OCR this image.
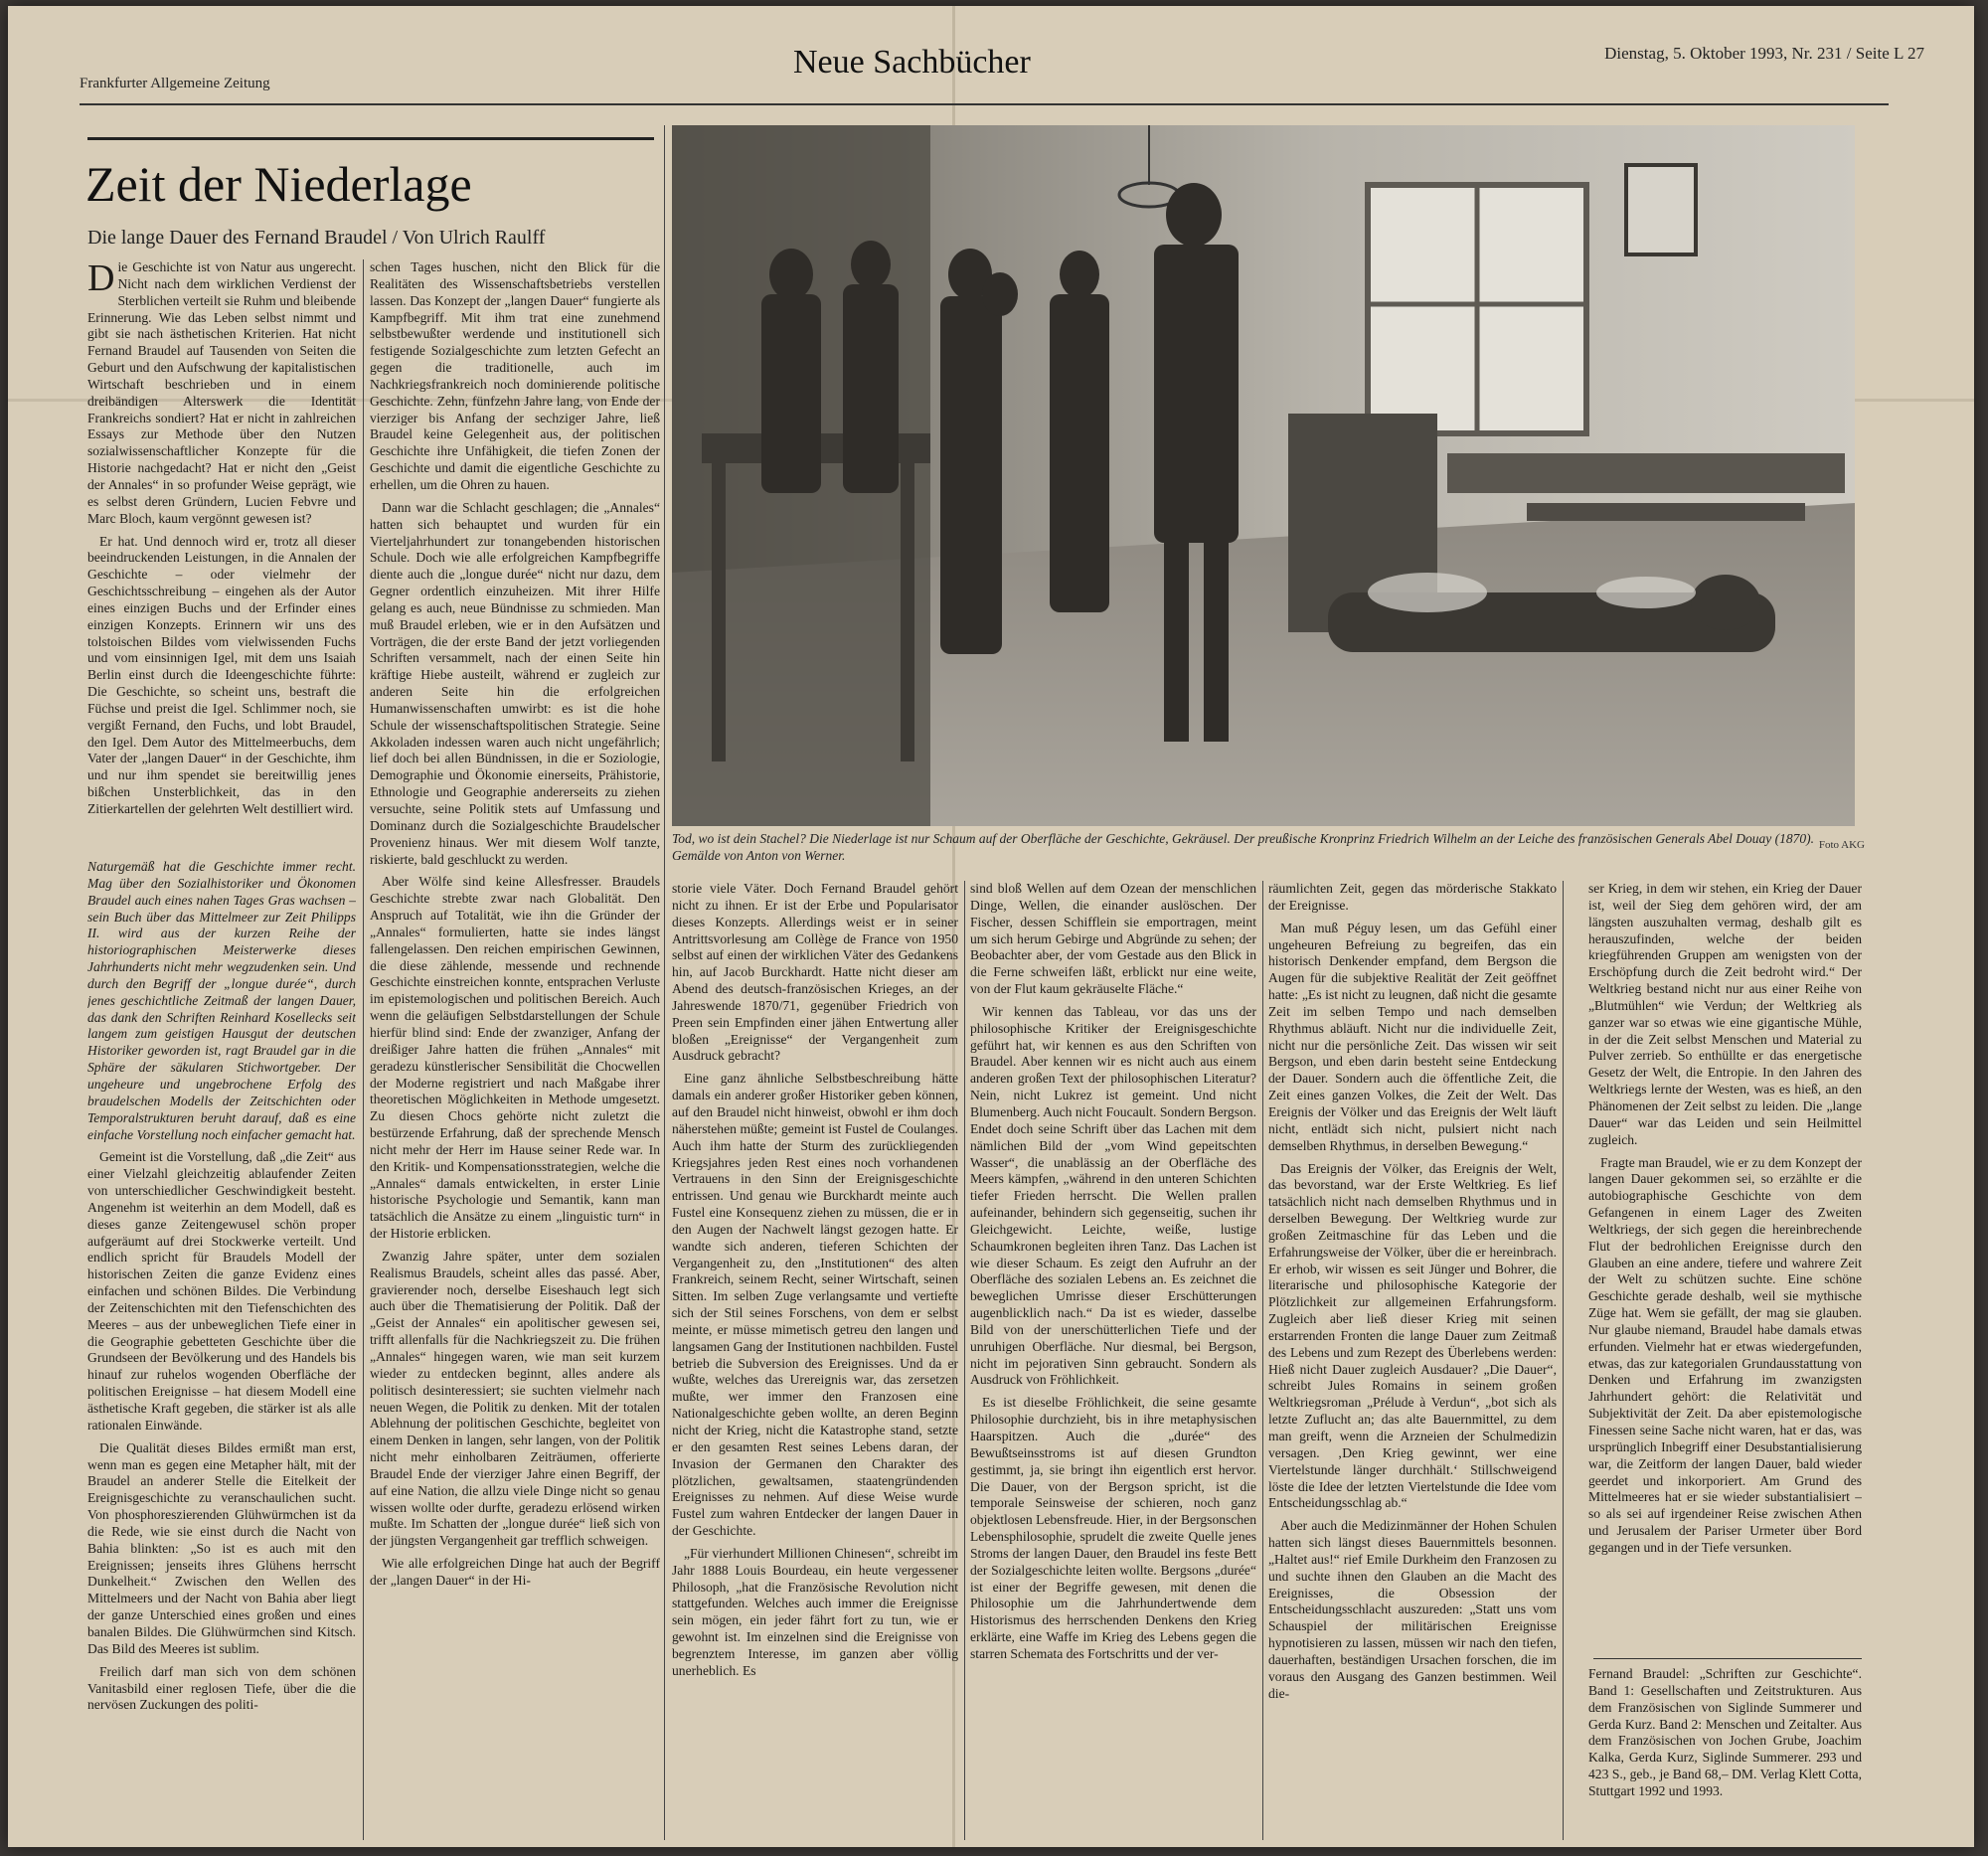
Frankfurter Allgemeine Zeitung
Neue Sachbücher	Dienstag, 5. Oktober 1993, Nr. 231 / Seite L 27
Zeit der Niederlage
Die lange Dauer des Fernand Braudel / Von Ulrich Raulff

Die Geschichte ist von Natur aus ungerecht. Nicht nach dem wirklichen Verdienst der Sterblichen verteilt sie Ruhm und bleibende Erinnerung. Wie das Leben selbst nimmt und gibt sie nach ästhetischen Kriterien. Hat nicht Fernand Braudel auf Tausenden von Seiten die Geburt und den Aufschwung der kapitalistischen Wirtschaft beschrieben und in einem dreibändigen Alterswerk die Identität Frankreichs sondiert? Hat er nicht in zahlreichen Essays zur Methode über den Nutzen sozialwissenschaftlicher Konzepte für die Historie nachgedacht? Hat er nicht den „Geist der Annales“ in so profunder Weise geprägt, wie es selbst deren Gründern, Lucien Febvre und Marc Bloch, kaum vergönnt gewesen ist?

Er hat. Und dennoch wird er, trotz all dieser beeindruckenden Leistungen, in die Annalen der Geschichte – oder vielmehr der Geschichtsschreibung – eingehen als der Autor eines einzigen Buchs und der Erfinder eines einzigen Konzepts. Erinnern wir uns des tolstoischen Bildes vom vielwissenden Fuchs und vom einsinnigen Igel, mit dem uns Isaiah Berlin einst durch die Ideengeschichte führte: Die Geschichte, so scheint uns, bestraft die Füchse und preist die Igel. Schlimmer noch, sie vergißt Fernand, den Fuchs, und lobt Braudel, den Igel. Dem Autor des Mittelmeerbuchs, dem Vater der „langen Dauer“ in der Geschichte, ihm und nur ihm spendet sie bereitwillig jenes bißchen Unsterblichkeit, das in den Zitierkartellen der gelehrten Welt destilliert wird.

schen Tages huschen, nicht den Blick für die Realitäten des Wissenschaftsbetriebs verstellen lassen. Das Konzept der „langen Dauer“ fungierte als Kampfbegriff. Mit ihm trat eine zunehmend selbstbewußter werdende und institutionell sich festigende Sozialgeschichte zum letzten Gefecht an gegen die traditionelle, auch im Nachkriegsfrankreich noch dominierende politische Geschichte. Zehn, fünfzehn Jahre lang, von Ende der vierziger bis Anfang der sechziger Jahre, ließ Braudel keine Gelegenheit aus, der politischen Geschichte ihre Unfähigkeit, die tiefen Zonen der Geschichte und damit die eigentliche Geschichte zu erhellen, um die Ohren zu hauen.

Dann war die Schlacht geschlagen; die „Annales“ hatten sich behauptet und wurden für ein Vierteljahrhundert zur tonangebenden historischen Schule. Doch wie alle erfolgreichen Kampfbegriffe diente auch die „longue durée“ nicht nur dazu, dem Gegner ordentlich einzuheizen. Mit ihrer Hilfe gelang es auch, neue Bündnisse zu schmieden. Man muß Braudel erleben, wie er in den Aufsätzen und Vorträgen, die der erste Band der jetzt vorliegenden Schriften versammelt, nach der einen Seite hin kräftige Hiebe austeilt, während er zugleich zur anderen Seite hin die erfolgreichen Humanwissenschaften umwirbt: es ist die hohe Schule der wissenschaftspolitischen Strategie. Seine Akkoladen indessen waren auch nicht ungefährlich; lief doch bei allen Bündnissen, in die er Soziologie, Demographie und Ökonomie einerseits, Prähistorie, Ethnologie und Geographie andererseits zu ziehen versuchte, seine Politik stets auf Umfassung und Dominanz durch die Sozialgeschichte Braudelscher Provenienz hinaus. Wer mit diesem Wolf tanzte, riskierte, bald geschluckt zu werden.

Aber Wölfe sind keine Allesfresser. Braudels Geschichte strebte zwar nach Globalität. Den Anspruch auf Totalität, wie ihn die Gründer der „Annales“ formulierten, hatte sie indes längst fallengelassen. Den reichen empirischen Gewinnen, die diese zählende, messende und rechnende Geschichte einstreichen konnte, entsprachen Verluste im epistemologischen und politischen Bereich. Auch wenn die geläufigen Selbstdarstellungen der Schule hierfür blind sind: Ende der zwanziger, Anfang der dreißiger Jahre hatten die frühen „Annales“ mit geradezu künstlerischer Sensibilität die Chocwellen der Moderne registriert und nach Maßgabe ihrer theoretischen Möglichkeiten in Methode umgesetzt. Zu diesen Chocs gehörte nicht zuletzt die bestürzende Erfahrung, daß der sprechende Mensch nicht mehr der Herr im Hause seiner Rede war. In den Kritik- und Kompensationsstrategien, welche die „Annales“ damals entwickelten, in erster Linie historische Psychologie und Semantik, kann man tatsächlich die Ansätze zu einem „linguistic turn“ in der Historie erblicken.

Zwanzig Jahre später, unter dem sozialen Realismus Braudels, scheint alles das passé. Aber, gravierender noch, derselbe Eiseshauch legt sich auch über die Thematisierung der Politik. Daß der „Geist der Annales“ ein apolitischer gewesen sei, trifft allenfalls für die Nachkriegszeit zu. Die frühen „Annales“ hingegen waren, wie man seit kurzem wieder zu entdecken beginnt, alles andere als politisch desinteressiert; sie suchten vielmehr nach neuen Wegen, die Politik zu denken. Mit der totalen Ablehnung der politischen Geschichte, begleitet von einem Denken in langen, sehr langen, von der Politik nicht mehr einholbaren Zeiträumen, offerierte Braudel Ende der vierziger Jahre einen Begriff, der auf eine Nation, die allzu viele Dinge nicht so genau wissen wollte oder durfte, geradezu erlösend wirken mußte. Im Schatten der „longue durée“ ließ sich von der jüngsten Vergangenheit gar trefflich schweigen.

Wie alle erfolgreichen Dinge hat auch der Begriff der „langen Dauer“ in der Hi-

Naturgemäß hat die Geschichte immer recht. Mag über den Sozialhistoriker und Ökonomen Braudel auch eines nahen Tages Gras wachsen – sein Buch über das Mittelmeer zur Zeit Philipps II. wird aus der kurzen Reihe der historiographischen Meisterwerke dieses Jahrhunderts nicht mehr wegzudenken sein. Und durch den Begriff der „longue durée“, durch jenes geschichtliche Zeitmaß der langen Dauer, das dank den Schriften Reinhard Kosellecks seit langem zum geistigen Hausgut der deutschen Historiker geworden ist, ragt Braudel gar in die Sphäre der säkularen Stichwortgeber. Der ungeheure und ungebrochene Erfolg des braudelschen Modells der Zeitschichten oder Temporalstrukturen beruht darauf, daß es eine einfache Vorstellung noch einfacher gemacht hat.

Gemeint ist die Vorstellung, daß „die Zeit“ aus einer Vielzahl gleichzeitig ablaufender Zeiten von unterschiedlicher Geschwindigkeit besteht. Angenehm ist weiterhin an dem Modell, daß es dieses ganze Zeitengewusel schön proper aufgeräumt auf drei Stockwerke verteilt. Und endlich spricht für Braudels Modell der historischen Zeiten die ganze Evidenz eines einfachen und schönen Bildes. Die Verbindung der Zeitenschichten mit den Tiefenschichten des Meeres – aus der unbeweglichen Tiefe einer in die Geographie gebetteten Geschichte über die Grundseen der Bevölkerung und des Handels bis hinauf zur ruhelos wogenden Oberfläche der politischen Ereignisse – hat diesem Modell eine ästhetische Kraft gegeben, die stärker ist als alle rationalen Einwände.

Die Qualität dieses Bildes ermißt man erst, wenn man es gegen eine Metapher hält, mit der Braudel an anderer Stelle die Eitelkeit der Ereignisgeschichte zu veranschaulichen sucht. Von phosphoreszierenden Glühwürmchen ist da die Rede, wie sie einst durch die Nacht von Bahia blinkten: „So ist es auch mit den Ereignissen; jenseits ihres Glühens herrscht Dunkelheit.“ Zwischen den Wellen des Mittelmeers und der Nacht von Bahia aber liegt der ganze Unterschied eines großen und eines banalen Bildes. Die Glühwürmchen sind Kitsch. Das Bild des Meeres ist sublim.

Freilich darf man sich von dem schönen Vanitasbild einer reglosen Tiefe, über die die nervösen Zuckungen des politi-

Tod, wo ist dein Stachel? Die Niederlage ist nur Schaum auf der Oberfläche der Geschichte, Gekräusel. Der preußische Kronprinz Friedrich Wilhelm an der Leiche des französischen Generals Abel Douay (1870). Gemälde von Anton von Werner.
Foto AKG

storie viele Väter. Doch Fernand Braudel gehört nicht zu ihnen. Er ist der Erbe und Popularisator dieses Konzepts. Allerdings weist er in seiner Antrittsvorlesung am Collège de France von 1950 selbst auf einen der wirklichen Väter des Gedankens hin, auf Jacob Burckhardt. Hatte nicht dieser am Abend des deutsch-französischen Krieges, an der Jahreswende 1870/71, gegenüber Friedrich von Preen sein Empfinden einer jähen Entwertung aller bloßen „Ereignisse“ der Vergangenheit zum Ausdruck gebracht?

Eine ganz ähnliche Selbstbeschreibung hätte damals ein anderer großer Historiker geben können, auf den Braudel nicht hinweist, obwohl er ihm doch näherstehen müßte; gemeint ist Fustel de Coulanges. Auch ihm hatte der Sturm des zurückliegenden Kriegsjahres jeden Rest eines noch vorhandenen Vertrauens in den Sinn der Ereignisgeschichte entrissen. Und genau wie Burckhardt meinte auch Fustel eine Konsequenz ziehen zu müssen, die er in den Augen der Nachwelt längst gezogen hatte. Er wandte sich anderen, tieferen Schichten der Vergangenheit zu, den „Institutionen“ des alten Frankreich, seinem Recht, seiner Wirtschaft, seinen Sitten. Im selben Zuge verlangsamte und vertiefte sich der Stil seines Forschens, von dem er selbst meinte, er müsse mimetisch getreu den langen und langsamen Gang der Institutionen nachbilden. Fustel betrieb die Subversion des Ereignisses. Und da er wußte, welches das Urereignis war, das zersetzen mußte, wer immer den Franzosen eine Nationalgeschichte geben wollte, an deren Beginn nicht der Krieg, nicht die Katastrophe stand, setzte er den gesamten Rest seines Lebens daran, der Invasion der Germanen den Charakter des plötzlichen, gewaltsamen, staatengründenden Ereignisses zu nehmen. Auf diese Weise wurde Fustel zum wahren Entdecker der langen Dauer in der Geschichte.

„Für vierhundert Millionen Chinesen“, schreibt im Jahr 1888 Louis Bourdeau, ein heute vergessener Philosoph, „hat die Französische Revolution nicht stattgefunden. Welches auch immer die Ereignisse sein mögen, ein jeder fährt fort zu tun, wie er gewohnt ist. Im einzelnen sind die Ereignisse von begrenztem Interesse, im ganzen aber völlig unerheblich. Es

sind bloß Wellen auf dem Ozean der menschlichen Dinge, Wellen, die einander auslöschen. Der Fischer, dessen Schifflein sie emportragen, meint um sich herum Gebirge und Abgründe zu sehen; der Beobachter aber, der vom Gestade aus den Blick in die Ferne schweifen läßt, erblickt nur eine weite, von der Flut kaum gekräuselte Fläche.“

Wir kennen das Tableau, vor das uns der philosophische Kritiker der Ereignisgeschichte geführt hat, wir kennen es aus den Schriften von Braudel. Aber kennen wir es nicht auch aus einem anderen großen Text der philosophischen Literatur? Nein, nicht Lukrez ist gemeint. Und nicht Blumenberg. Auch nicht Foucault. Sondern Bergson. Endet doch seine Schrift über das Lachen mit dem nämlichen Bild der „vom Wind gepeitschten Wasser“, die unablässig an der Oberfläche des Meers kämpfen, „während in den unteren Schichten tiefer Frieden herrscht. Die Wellen prallen aufeinander, behindern sich gegenseitig, suchen ihr Gleichgewicht. Leichte, weiße, lustige Schaumkronen begleiten ihren Tanz. Das Lachen ist wie dieser Schaum. Es zeigt den Aufruhr an der Oberfläche des sozialen Lebens an. Es zeichnet die beweglichen Umrisse dieser Erschütterungen augenblicklich nach.“ Da ist es wieder, dasselbe Bild von der unerschütterlichen Tiefe und der unruhigen Oberfläche. Nur diesmal, bei Bergson, nicht im pejorativen Sinn gebraucht. Sondern als Ausdruck von Fröhlichkeit.

Es ist dieselbe Fröhlichkeit, die seine gesamte Philosophie durchzieht, bis in ihre metaphysischen Haarspitzen. Auch die „durée“ des Bewußtseinsstroms ist auf diesen Grundton gestimmt, ja, sie bringt ihn eigentlich erst hervor. Die Dauer, von der Bergson spricht, ist die temporale Seinsweise der schieren, noch ganz objektlosen Lebensfreude. Hier, in der Bergsonschen Lebensphilosophie, sprudelt die zweite Quelle jenes Stroms der langen Dauer, den Braudel ins feste Bett der Sozialgeschichte leiten wollte. Bergsons „durée“ ist einer der Begriffe gewesen, mit denen die Philosophie um die Jahrhundertwende dem Historismus des herrschenden Denkens den Krieg erklärte, eine Waffe im Krieg des Lebens gegen die starren Schemata des Fortschritts und der ver-

räumlichten Zeit, gegen das mörderische Stakkato der Ereignisse.

Man muß Péguy lesen, um das Gefühl einer ungeheuren Befreiung zu begreifen, das ein historisch Denkender empfand, dem Bergson die Augen für die subjektive Realität der Zeit geöffnet hatte: „Es ist nicht zu leugnen, daß nicht die gesamte Zeit im selben Tempo und nach demselben Rhythmus abläuft. Nicht nur die individuelle Zeit, nicht nur die persönliche Zeit. Das wissen wir seit Bergson, und eben darin besteht seine Entdeckung der Dauer. Sondern auch die öffentliche Zeit, die Zeit eines ganzen Volkes, die Zeit der Welt. Das Ereignis der Völker und das Ereignis der Welt läuft nicht, entlädt sich nicht, pulsiert nicht nach demselben Rhythmus, in derselben Bewegung.“

Das Ereignis der Völker, das Ereignis der Welt, das bevorstand, war der Erste Weltkrieg. Es lief tatsächlich nicht nach demselben Rhythmus und in derselben Bewegung. Der Weltkrieg wurde zur großen Zeitmaschine für das Leben und die Erfahrungsweise der Völker, über die er hereinbrach. Er erhob, wir wissen es seit Jünger und Bohrer, die literarische und philosophische Kategorie der Plötzlichkeit zur allgemeinen Erfahrungsform. Zugleich aber ließ dieser Krieg mit seinen erstarrenden Fronten die lange Dauer zum Zeitmaß des Lebens und zum Rezept des Überlebens werden: Hieß nicht Dauer zugleich Ausdauer? „Die Dauer“, schreibt Jules Romains in seinem großen Weltkriegsroman „Prélude à Verdun“, „bot sich als letzte Zuflucht an; das alte Bauernmittel, zu dem man greift, wenn die Arzneien der Schulmedizin versagen. ‚Den Krieg gewinnt, wer eine Viertelstunde länger durchhält.‘ Stillschweigend löste die Idee der letzten Viertelstunde die Idee vom Entscheidungsschlag ab.“

Aber auch die Medizinmänner der Hohen Schulen hatten sich längst dieses Bauernmittels besonnen. „Haltet aus!“ rief Emile Durkheim den Franzosen zu und suchte ihnen den Glauben an die Macht des Ereignisses, die Obsession der Entscheidungsschlacht auszureden: „Statt uns vom Schauspiel der militärischen Ereignisse hypnotisieren zu lassen, müssen wir nach den tiefen, dauerhaften, beständigen Ursachen forschen, die im voraus den Ausgang des Ganzen bestimmen. Weil die-

ser Krieg, in dem wir stehen, ein Krieg der Dauer ist, weil der Sieg dem gehören wird, der am längsten auszuhalten vermag, deshalb gilt es herauszufinden, welche der beiden kriegführenden Gruppen am wenigsten von der Erschöpfung durch die Zeit bedroht wird.“ Der Weltkrieg bestand nicht nur aus einer Reihe von „Blutmühlen“ wie Verdun; der Weltkrieg als ganzer war so etwas wie eine gigantische Mühle, in der die Zeit selbst Menschen und Material zu Pulver zerrieb. So enthüllte er das energetische Gesetz der Welt, die Entropie. In den Jahren des Weltkriegs lernte der Westen, was es hieß, an den Phänomenen der Zeit selbst zu leiden. Die „lange Dauer“ war das Leiden und sein Heilmittel zugleich.

Fragte man Braudel, wie er zu dem Konzept der langen Dauer gekommen sei, so erzählte er die autobiographische Geschichte von dem Gefangenen in einem Lager des Zweiten Weltkriegs, der sich gegen die hereinbrechende Flut der bedrohlichen Ereignisse durch den Glauben an eine andere, tiefere und wahrere Zeit der Welt zu schützen suchte. Eine schöne Geschichte gerade deshalb, weil sie mythische Züge hat. Wem sie gefällt, der mag sie glauben. Nur glaube niemand, Braudel habe damals etwas erfunden. Vielmehr hat er etwas wiedergefunden, etwas, das zur kategorialen Grundausstattung von Denken und Erfahrung im zwanzigsten Jahrhundert gehört: die Relativität und Subjektivität der Zeit. Da aber epistemologische Finessen seine Sache nicht waren, hat er das, was ursprünglich Inbegriff einer Desubstantialisierung war, die Zeitform der langen Dauer, bald wieder geerdet und inkorporiert. Am Grund des Mittelmeeres hat er sie wieder substantialisiert – so als sei auf irgendeiner Reise zwischen Athen und Jerusalem der Pariser Urmeter über Bord gegangen und in der Tiefe versunken.

Fernand Braudel: „Schriften zur Geschichte“. Band 1: Gesellschaften und Zeitstrukturen. Aus dem Französischen von Siglinde Summerer und Gerda Kurz. Band 2: Menschen und Zeitalter. Aus dem Französischen von Jochen Grube, Joachim Kalka, Gerda Kurz, Siglinde Summerer. 293 und 423 S., geb., je Band 68,– DM. Verlag Klett Cotta, Stuttgart 1992 und 1993.
